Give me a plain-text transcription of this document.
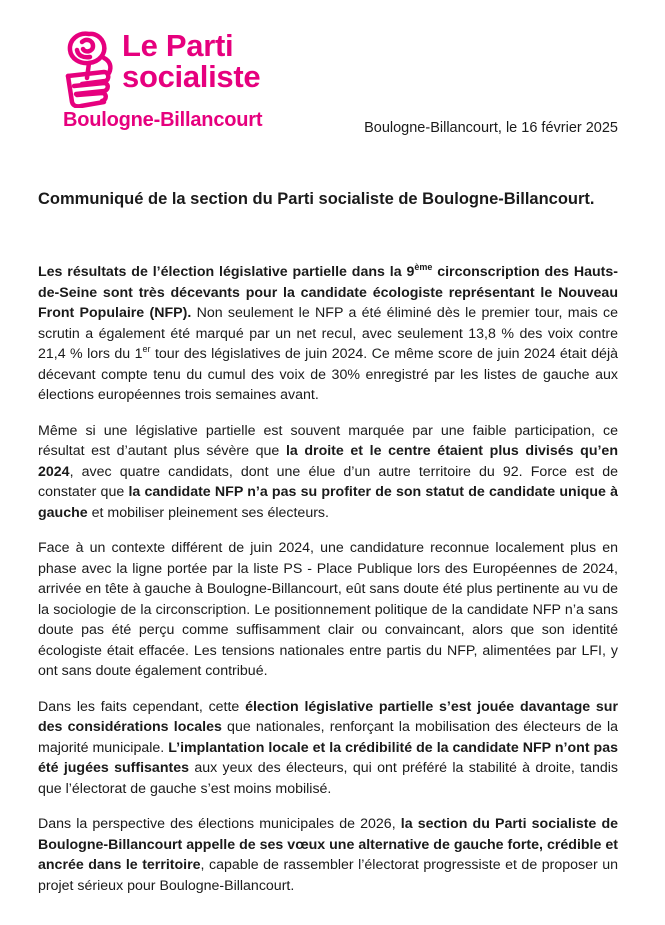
Le Parti
socialiste
Boulogne-Billancourt	Boulogne-Billancourt, le 16 février 2025
Communiqué de la section du Parti socialiste de Boulogne-Billancourt.

Les résultats de l’élection législative partielle dans la 9ème circonscription des Hauts-de-Seine sont très décevants pour la candidate écologiste représentant le Nouveau Front Populaire (NFP). Non seulement le NFP a été éliminé dès le premier tour, mais ce scrutin a également été marqué par un net recul, avec seulement 13,8 % des voix contre 21,4 % lors du 1er tour des législatives de juin 2024. Ce même score de juin 2024 était déjà décevant compte tenu du cumul des voix de 30% enregistré par les listes de gauche aux élections européennes trois semaines avant.

Même si une législative partielle est souvent marquée par une faible participation, ce résultat est d’autant plus sévère que la droite et le centre étaient plus divisés qu’en 2024, avec quatre candidats, dont une élue d’un autre territoire du 92. Force est de constater que la candidate NFP n’a pas su profiter de son statut de candidate unique à gauche et mobiliser pleinement ses électeurs.

Face à un contexte différent de juin 2024, une candidature reconnue localement plus en phase avec la ligne portée par la liste PS - Place Publique lors des Européennes de 2024, arrivée en tête à gauche à Boulogne-Billancourt, eût sans doute été plus pertinente au vu de la sociologie de la circonscription. Le positionnement politique de la candidate NFP n’a sans doute pas été perçu comme suffisamment clair ou convaincant, alors que son identité écologiste était effacée. Les tensions nationales entre partis du NFP, alimentées par LFI, y ont sans doute également contribué.

Dans les faits cependant, cette élection législative partielle s’est jouée davantage sur des considérations locales que nationales, renforçant la mobilisation des électeurs de la majorité municipale. L’implantation locale et la crédibilité de la candidate NFP n’ont pas été jugées suffisantes aux yeux des électeurs, qui ont préféré la stabilité à droite, tandis que l’électorat de gauche s’est moins mobilisé.

Dans la perspective des élections municipales de 2026, la section du Parti socialiste de Boulogne-Billancourt appelle de ses vœux une alternative de gauche forte, crédible et ancrée dans le territoire, capable de rassembler l’électorat progressiste et de proposer un projet sérieux pour Boulogne-Billancourt.
